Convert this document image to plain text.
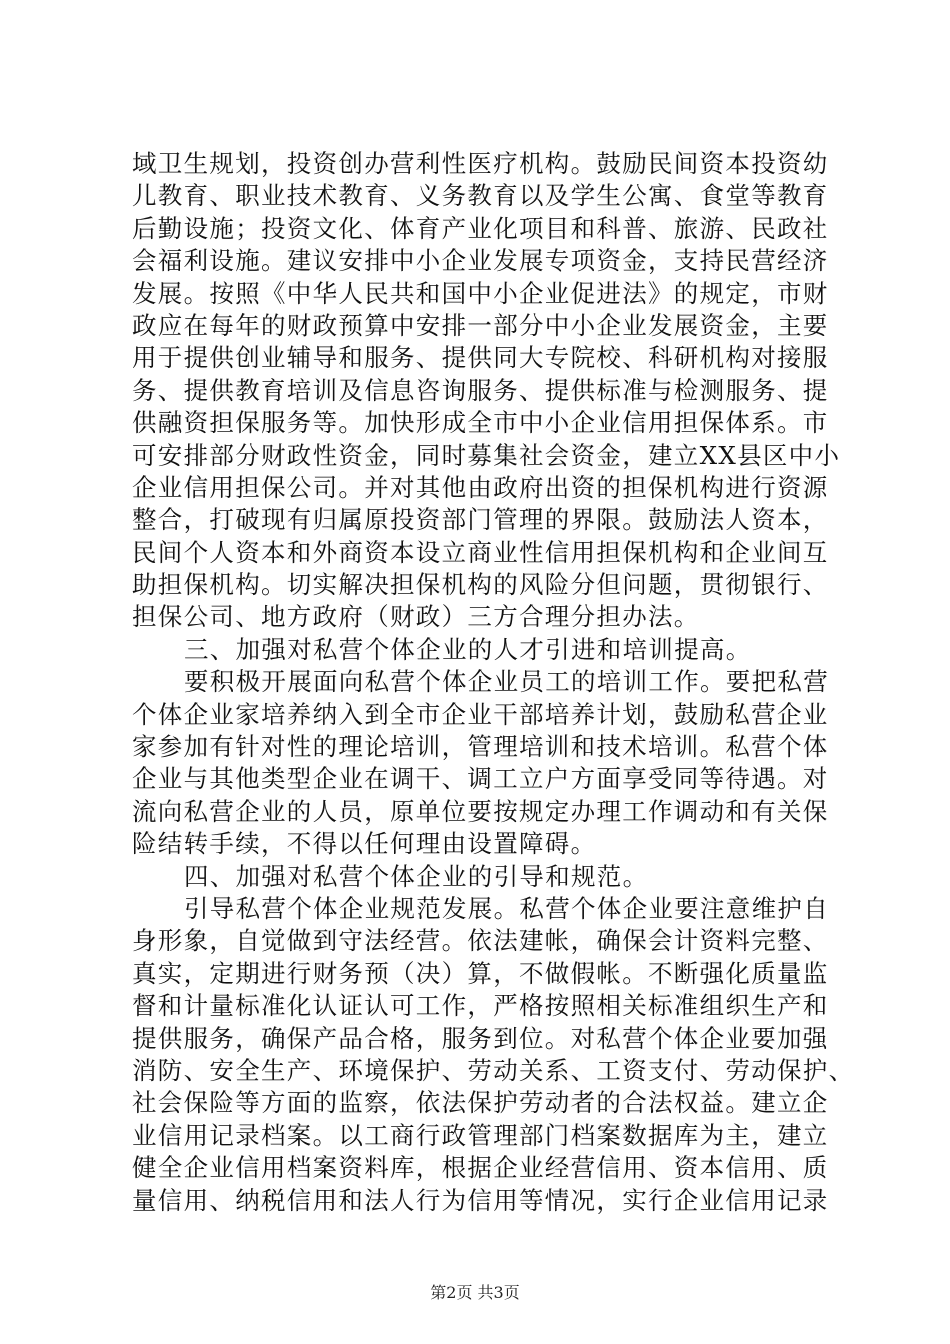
域卫生规划，投资创办营利性医疗机构。鼓励民间资本投资幼
儿教育、职业技术教育、义务教育以及学生公寓、食堂等教育
后勤设施；投资文化、体育产业化项目和科普、旅游、民政社
会福利设施。建议安排中小企业发展专项资金，支持民营经济
发展。按照《中华人民共和国中小企业促进法》的规定，市财
政应在每年的财政预算中安排一部分中小企业发展资金，主要
用于提供创业辅导和服务、提供同大专院校、科研机构对接服
务、提供教育培训及信息咨询服务、提供标准与检测服务、提
供融资担保服务等。加快形成全市中小企业信用担保体系。市
可安排部分财政性资金，同时募集社会资金，建立XX县区中小
企业信用担保公司。并对其他由政府出资的担保机构进行资源
整合，打破现有归属原投资部门管理的界限。鼓励法人资本，
民间个人资本和外商资本设立商业性信用担保机构和企业间互
助担保机构。切实解决担保机构的风险分但问题，贯彻银行、
担保公司、地方政府（财政）三方合理分担办法。
三、加强对私营个体企业的人才引进和培训提高。
要积极开展面向私营个体企业员工的培训工作。要把私营
个体企业家培养纳入到全市企业干部培养计划，鼓励私营企业
家参加有针对性的理论培训，管理培训和技术培训。私营个体
企业与其他类型企业在调干、调工立户方面享受同等待遇。对
流向私营企业的人员，原单位要按规定办理工作调动和有关保
险结转手续，不得以任何理由设置障碍。
四、加强对私营个体企业的引导和规范。
引导私营个体企业规范发展。私营个体企业要注意维护自
身形象，自觉做到守法经营。依法建帐，确保会计资料完整、
真实，定期进行财务预（决）算，不做假帐。不断强化质量监
督和计量标准化认证认可工作，严格按照相关标准组织生产和
提供服务，确保产品合格，服务到位。对私营个体企业要加强
消防、安全生产、环境保护、劳动关系、工资支付、劳动保护、
社会保险等方面的监察，依法保护劳动者的合法权益。建立企
业信用记录档案。以工商行政管理部门档案数据库为主，建立
健全企业信用档案资料库，根据企业经营信用、资本信用、质
量信用、纳税信用和法人行为信用等情况，实行企业信用记录
第2页 共3页
